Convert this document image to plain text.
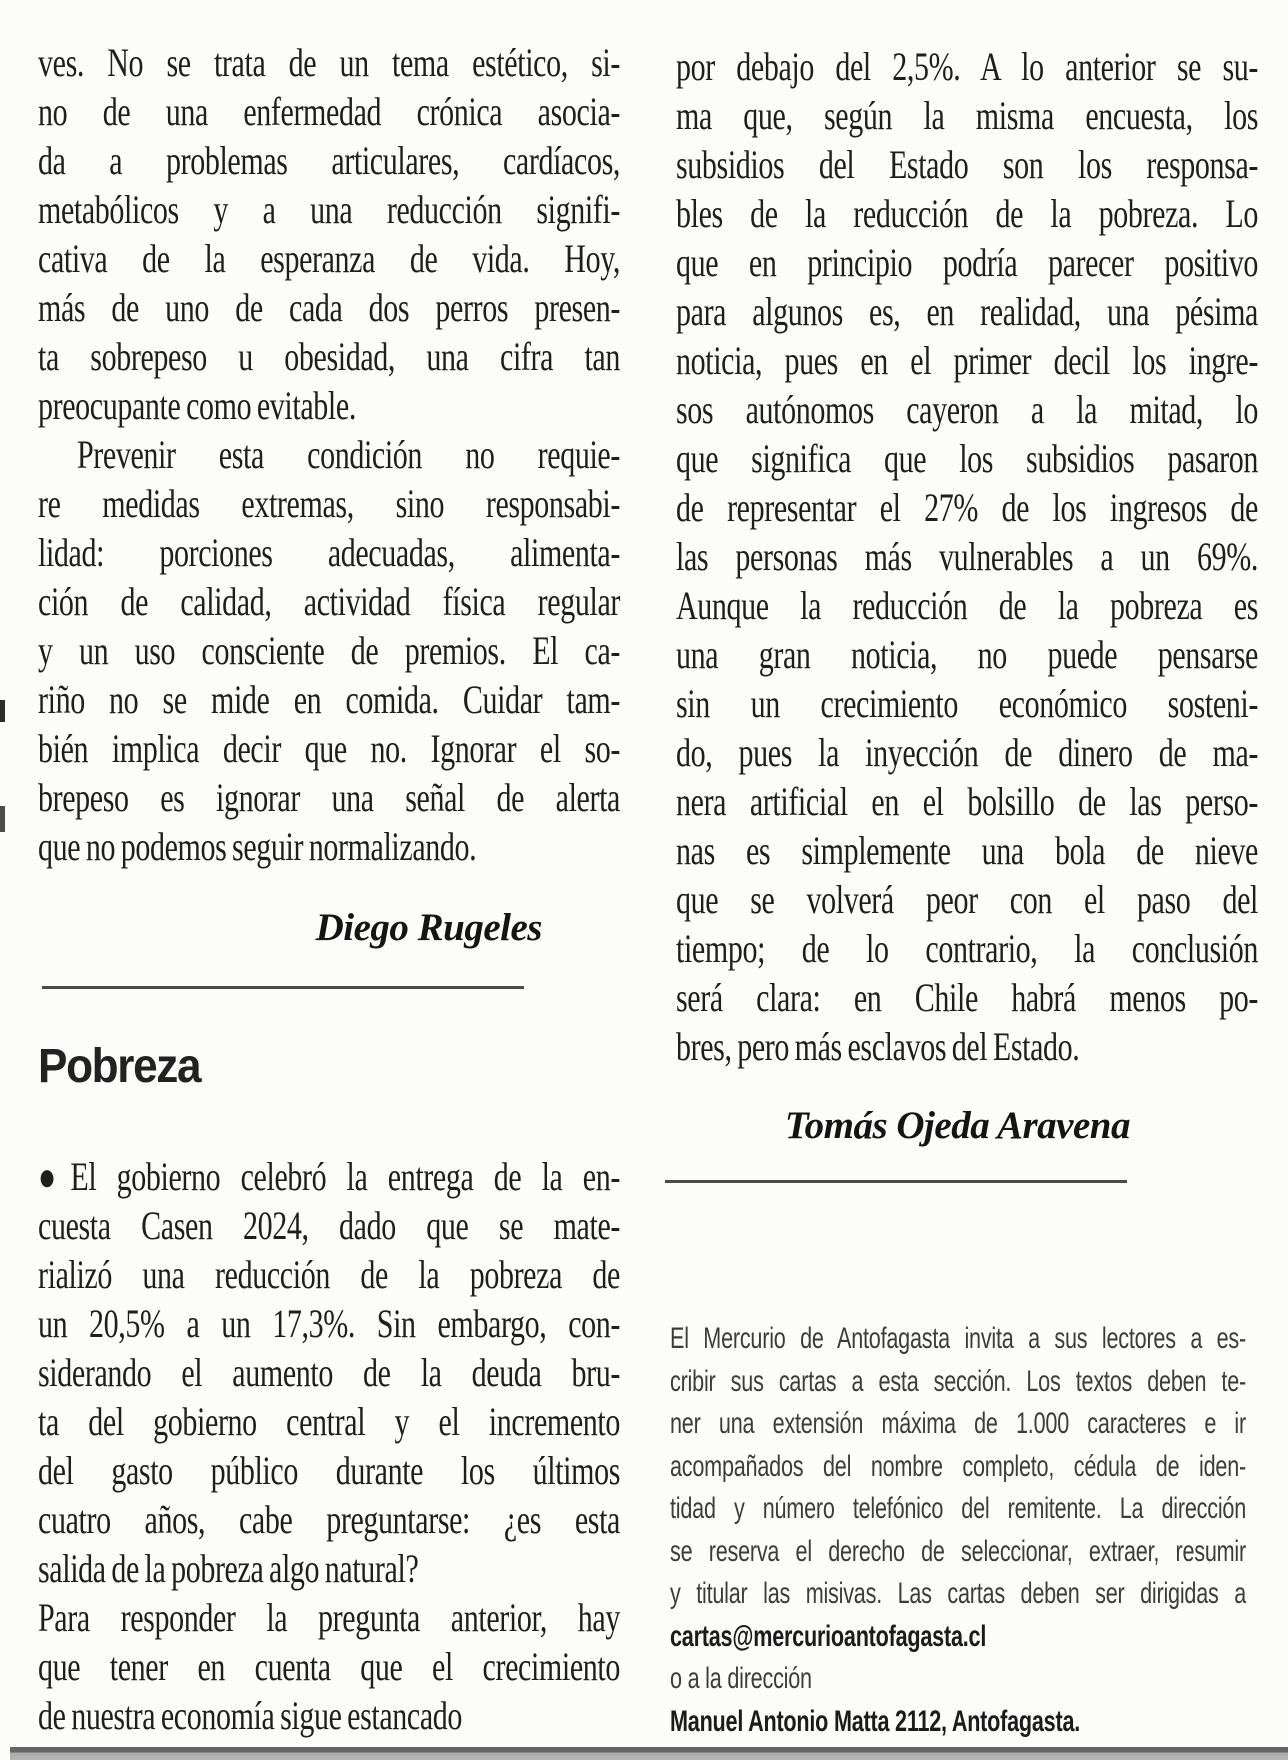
ves. No se trata de un tema estético, si-
no de una enfermedad crónica asocia-
da a problemas articulares, cardíacos,
metabólicos y a una reducción signifi-
cativa de la esperanza de vida. Hoy,
más de uno de cada dos perros presen-
ta sobrepeso u obesidad, una cifra tan
preocupante como evitable.
Prevenir esta condición no requie-
re medidas extremas, sino responsabi-
lidad: porciones adecuadas, alimenta-
ción de calidad, actividad física regular
y un uso consciente de premios. El ca-
riño no se mide en comida. Cuidar tam-
bién implica decir que no. Ignorar el so-
brepeso es ignorar una señal de alerta
que no podemos seguir normalizando.
Diego Rugeles
Pobreza
●El gobierno celebró la entrega de la en-
cuesta Casen 2024, dado que se mate-
rializó una reducción de la pobreza de
un 20,5% a un 17,3%. Sin embargo, con-
siderando el aumento de la deuda bru-
ta del gobierno central y el incremento
del gasto público durante los últimos
cuatro años, cabe preguntarse: ¿es esta
salida de la pobreza algo natural?
Para responder la pregunta anterior, hay
que tener en cuenta que el crecimiento
de nuestra economía sigue estancado
por debajo del 2,5%. A lo anterior se su-
ma que, según la misma encuesta, los
subsidios del Estado son los responsa-
bles de la reducción de la pobreza. Lo
que en principio podría parecer positivo
para algunos es, en realidad, una pésima
noticia, pues en el primer decil los ingre-
sos autónomos cayeron a la mitad, lo
que significa que los subsidios pasaron
de representar el 27% de los ingresos de
las personas más vulnerables a un 69%.
Aunque la reducción de la pobreza es
una gran noticia, no puede pensarse
sin un crecimiento económico sosteni-
do, pues la inyección de dinero de ma-
nera artificial en el bolsillo de las perso-
nas es simplemente una bola de nieve
que se volverá peor con el paso del
tiempo; de lo contrario, la conclusión
será clara: en Chile habrá menos po-
bres, pero más esclavos del Estado.
Tomás Ojeda Aravena
El Mercurio de Antofagasta invita a sus lectores a es-
cribir sus cartas a esta sección. Los textos deben te-
ner una extensión máxima de 1.000 caracteres e ir
acompañados del nombre completo, cédula de iden-
tidad y número telefónico del remitente. La dirección
se reserva el derecho de seleccionar, extraer, resumir
y titular las misivas. Las cartas deben ser dirigidas a
cartas@mercurioantofagasta.cl
o a la dirección
Manuel Antonio Matta 2112, Antofagasta.
